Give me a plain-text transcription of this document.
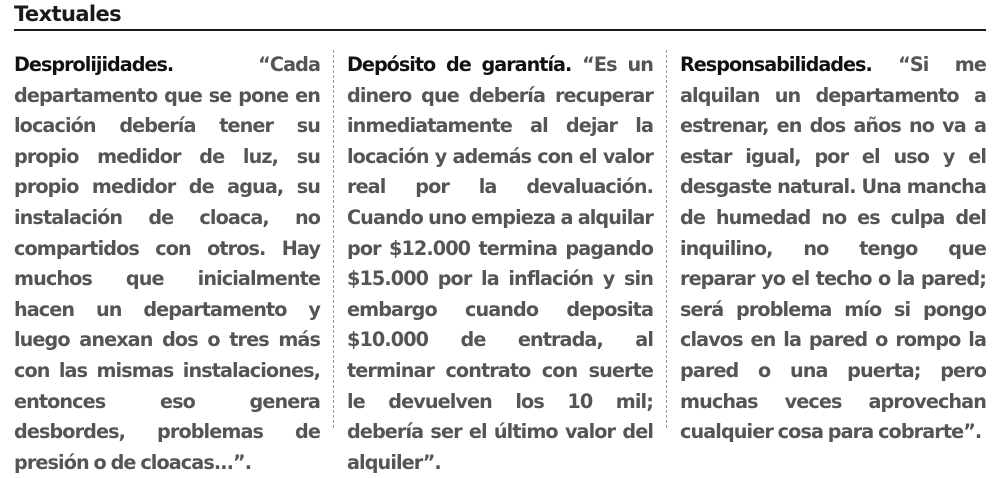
Textuales
Desprolijidades.	“Cada departamento que se pone en locación debería tener su propio medidor de luz, su propio medidor de agua, su instalación de cloaca, no compartidos con otros. Hay muchos que inicialmente hacen un departamento y luego anexan dos o tres más con las mismas instalaciones, entonces eso genera desbordes, problemas de presión o de cloacas...”.
Depósito de garantía. “Es un dinero que debería recuperar inmediatamente al dejar la locación y además con el valor real por la devaluación. Cuando uno empieza a alquilar por $12.000 termina pagando $15.000 por la inflación y sin embargo cuando deposita $10.000 de entrada, al terminar contrato con suerte le devuelven los 10 mil; debería ser el último valor del alquiler”.
Responsabilidades. “Si me alquilan un departamento a estrenar, en dos años no va a estar igual, por el uso y el desgaste natural. Una mancha de humedad no es culpa del inquilino, no tengo que reparar yo el techo o la pared; será problema mío si pongo clavos en la pared o rompo la pared o una puerta; pero muchas veces aprovechan cualquier cosa para cobrarte”.
